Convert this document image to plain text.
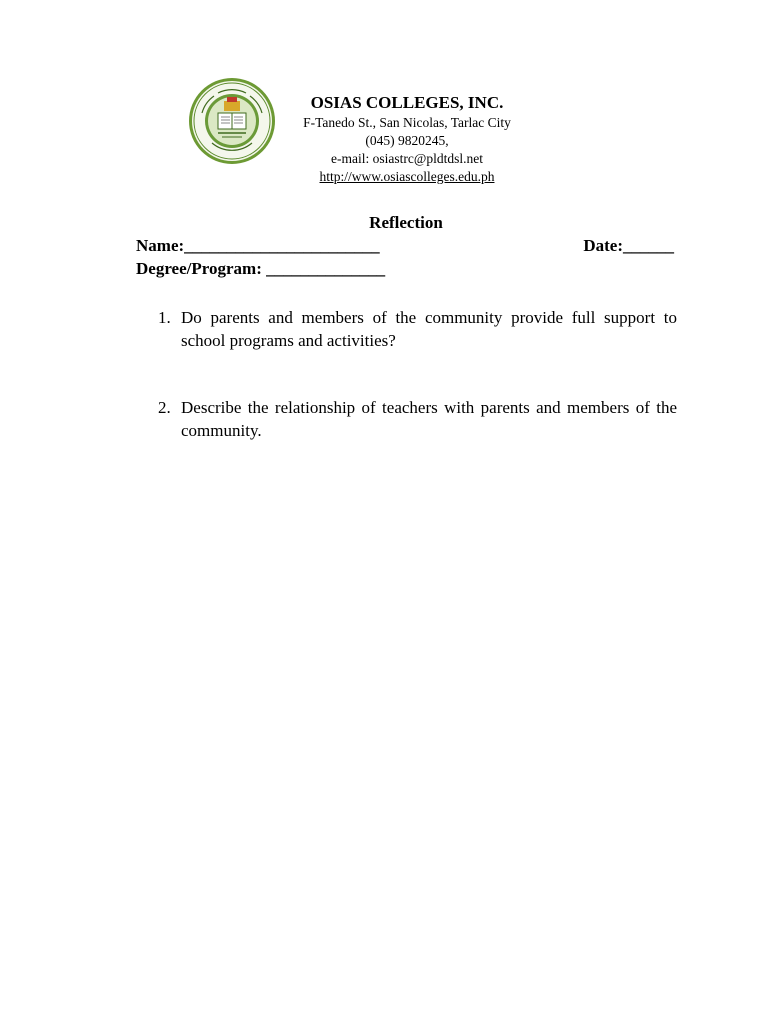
OSIAS COLLEGES, INC.
F-Tanedo St., San Nicolas, Tarlac City
(045) 9820245,
e-mail: osiastrc@pldtdsl.net
http://www.osiascolleges.edu.ph
Reflection
Name:_______________________	Date:______
Degree/Program: ______________
1. Do parents and members of the community provide full support to school programs and activities?
2. Describe the relationship of teachers with parents and members of the community.
